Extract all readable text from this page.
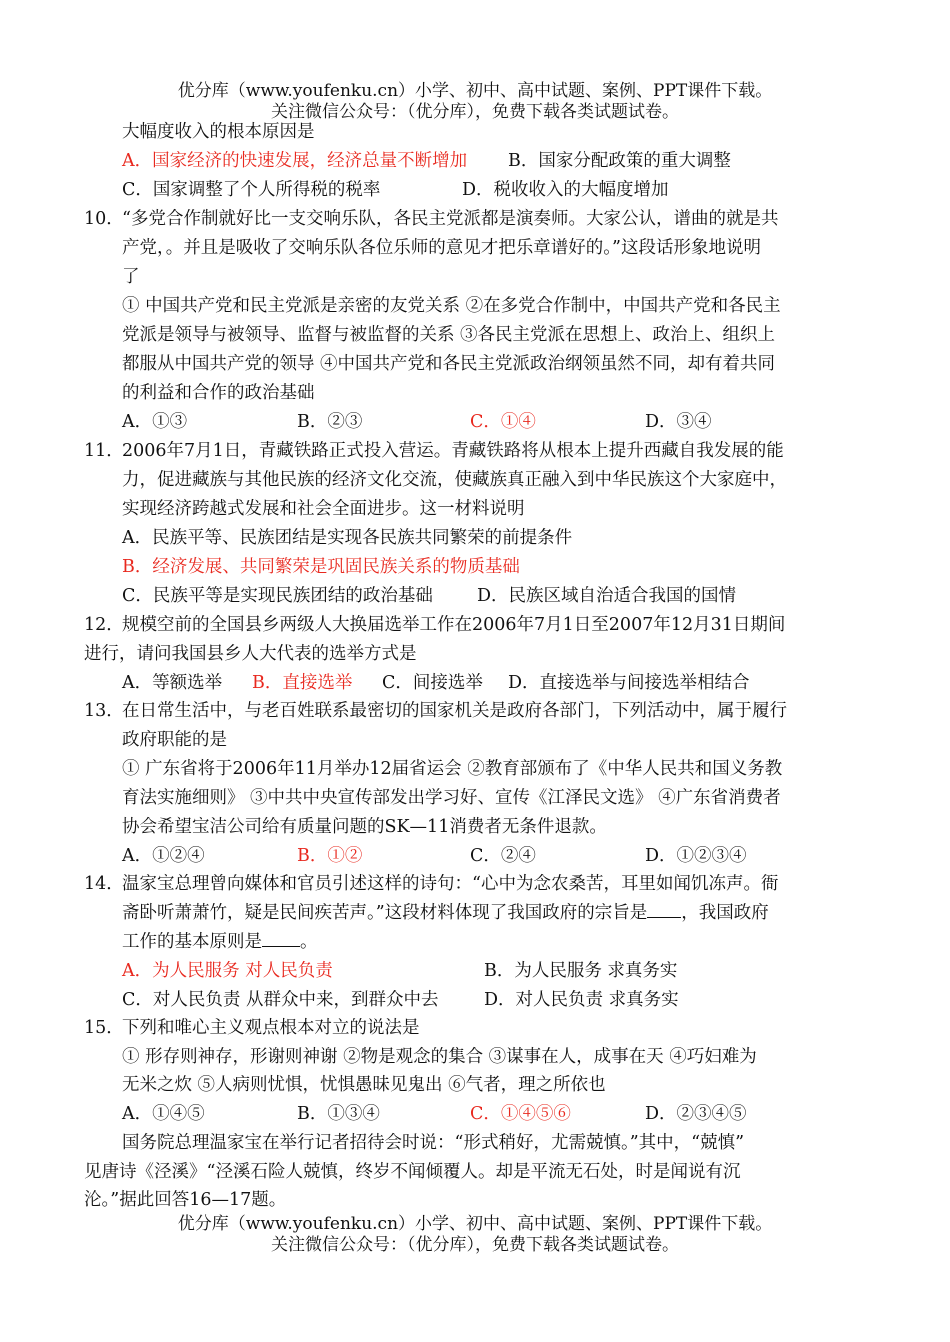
优分库（www.youfenku.cn）小学、初中、高中试题、案例、PPT课件下载。
关注微信公众号：（优分库），免费下载各类试题试卷。
大幅度收入的根本原因是
A．国家经济的快速发展，经济总量不断增加 B．国家分配政策的重大调整
C．国家调整了个人所得税的税率	D．税收收入的大幅度增加
10．
“多党合作制就好比一支交响乐队，各民主党派都是演奏师。大家公认，谱曲的就是共
产党，。并且是吸收了交响乐队各位乐师的意见才把乐章谱好的。”这段话形象地说明
了
① 中国共产党和民主党派是亲密的友党关系 ②在多党合作制中，中国共产党和各民主
党派是领导与被领导、监督与被监督的关系 ③各民主党派在思想上、政治上、组织上
都服从中国共产党的领导 ④中国共产党和各民主党派政治纲领虽然不同，却有着共同
的利益和合作的政治基础
A．①③	B．②③	C．①④	D．③④
11．
2006年7月1日，青藏铁路正式投入营运。青藏铁路将从根本上提升西藏自我发展的能
力，促进藏族与其他民族的经济文化交流，使藏族真正融入到中华民族这个大家庭中，
实现经济跨越式发展和社会全面进步。这一材料说明
A．民族平等、民族团结是实现各民族共同繁荣的前提条件
B．经济发展、共同繁荣是巩固民族关系的物质基础
C．民族平等是实现民族团结的政治基础	D．民族区域自治适合我国的国情
12．
规模空前的全国县乡两级人大换届选举工作在2006年7月1日至2007年12月31日期间
进行，请问我国县乡人大代表的选举方式是
A．等额选举 B．直接选举 C．间接选举 D．直接选举与间接选举相结合
13．
在日常生活中，与老百姓联系最密切的国家机关是政府各部门，下列活动中，属于履行
政府职能的是
① 广东省将于2006年11月举办12届省运会 ②教育部颁布了《中华人民共和国义务教
育法实施细则》 ③中共中央宣传部发出学习好、宣传《江泽民文选》 ④广东省消费者
协会希望宝洁公司给有质量问题的SK—11消费者无条件退款。
A．①②④	B．①②	C．②④	D．①②③④
14．
温家宝总理曾向媒体和官员引述这样的诗句：“心中为念农桑苦，耳里如闻饥冻声。衙
斋卧听萧萧竹，疑是民间疾苦声。”这段材料体现了我国政府的宗旨是 ，我国政府
工作的基本原则是 。
A．为人民服务 对人民负责	B．为人民服务 求真务实
C．对人民负责 从群众中来，到群众中去	D．对人民负责 求真务实
15．
下列和唯心主义观点根本对立的说法是
① 形存则神存，形谢则神谢 ②物是观念的集合 ③谋事在人，成事在天 ④巧妇难为
无米之炊 ⑤人病则忧惧，忧惧愚昧见鬼出 ⑥气者，理之所依也
A．①④⑤	B．①③④	C．①④⑤⑥	D．②③④⑤
国务院总理温家宝在举行记者招待会时说：“形式稍好，尤需兢慎。”其中，“兢慎”
见唐诗《泾溪》“泾溪石险人兢慎，终岁不闻倾覆人。却是平流无石处，时是闻说有沉
沦。”据此回答16—17题。
优分库（www.youfenku.cn）小学、初中、高中试题、案例、PPT课件下载。
关注微信公众号：（优分库），免费下载各类试题试卷。
